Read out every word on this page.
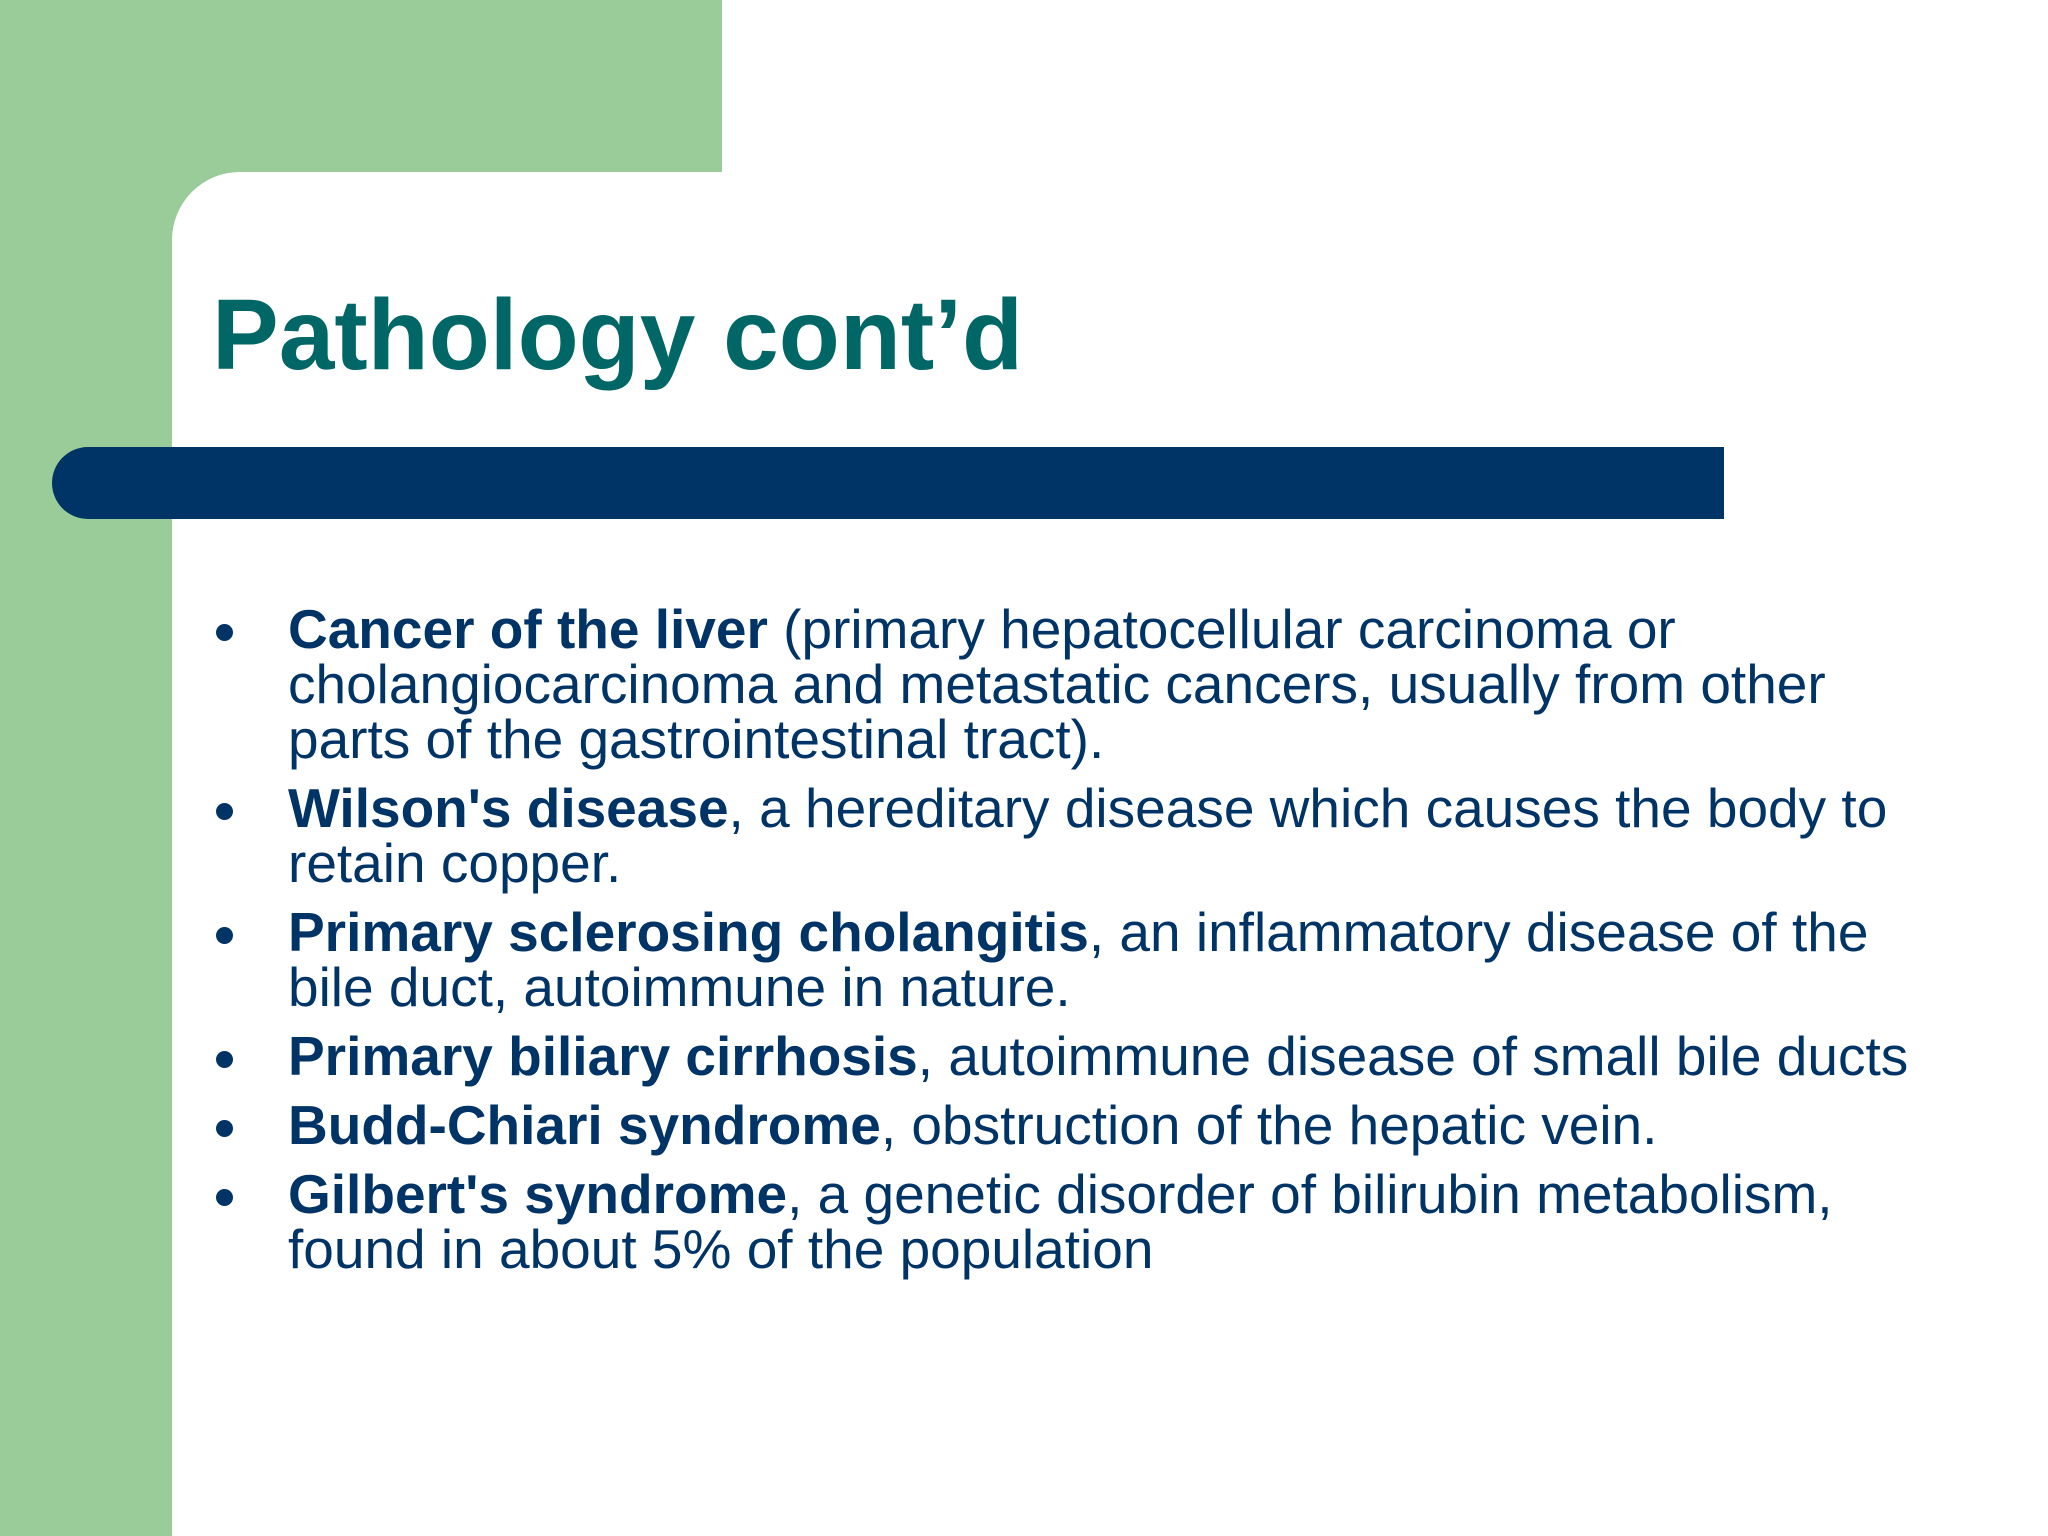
Pathology cont’d
Cancer of the liver (primary hepatocellular carcinoma or cholangiocarcinoma and metastatic cancers, usually from other parts of the gastrointestinal tract).
Wilson's disease, a hereditary disease which causes the body to retain copper.
Primary sclerosing cholangitis, an inflammatory disease of the bile duct, autoimmune in nature.
Primary biliary cirrhosis, autoimmune disease of small bile ducts
Budd-Chiari syndrome, obstruction of the hepatic vein.
Gilbert's syndrome, a genetic disorder of bilirubin metabolism, found in about 5% of the population
